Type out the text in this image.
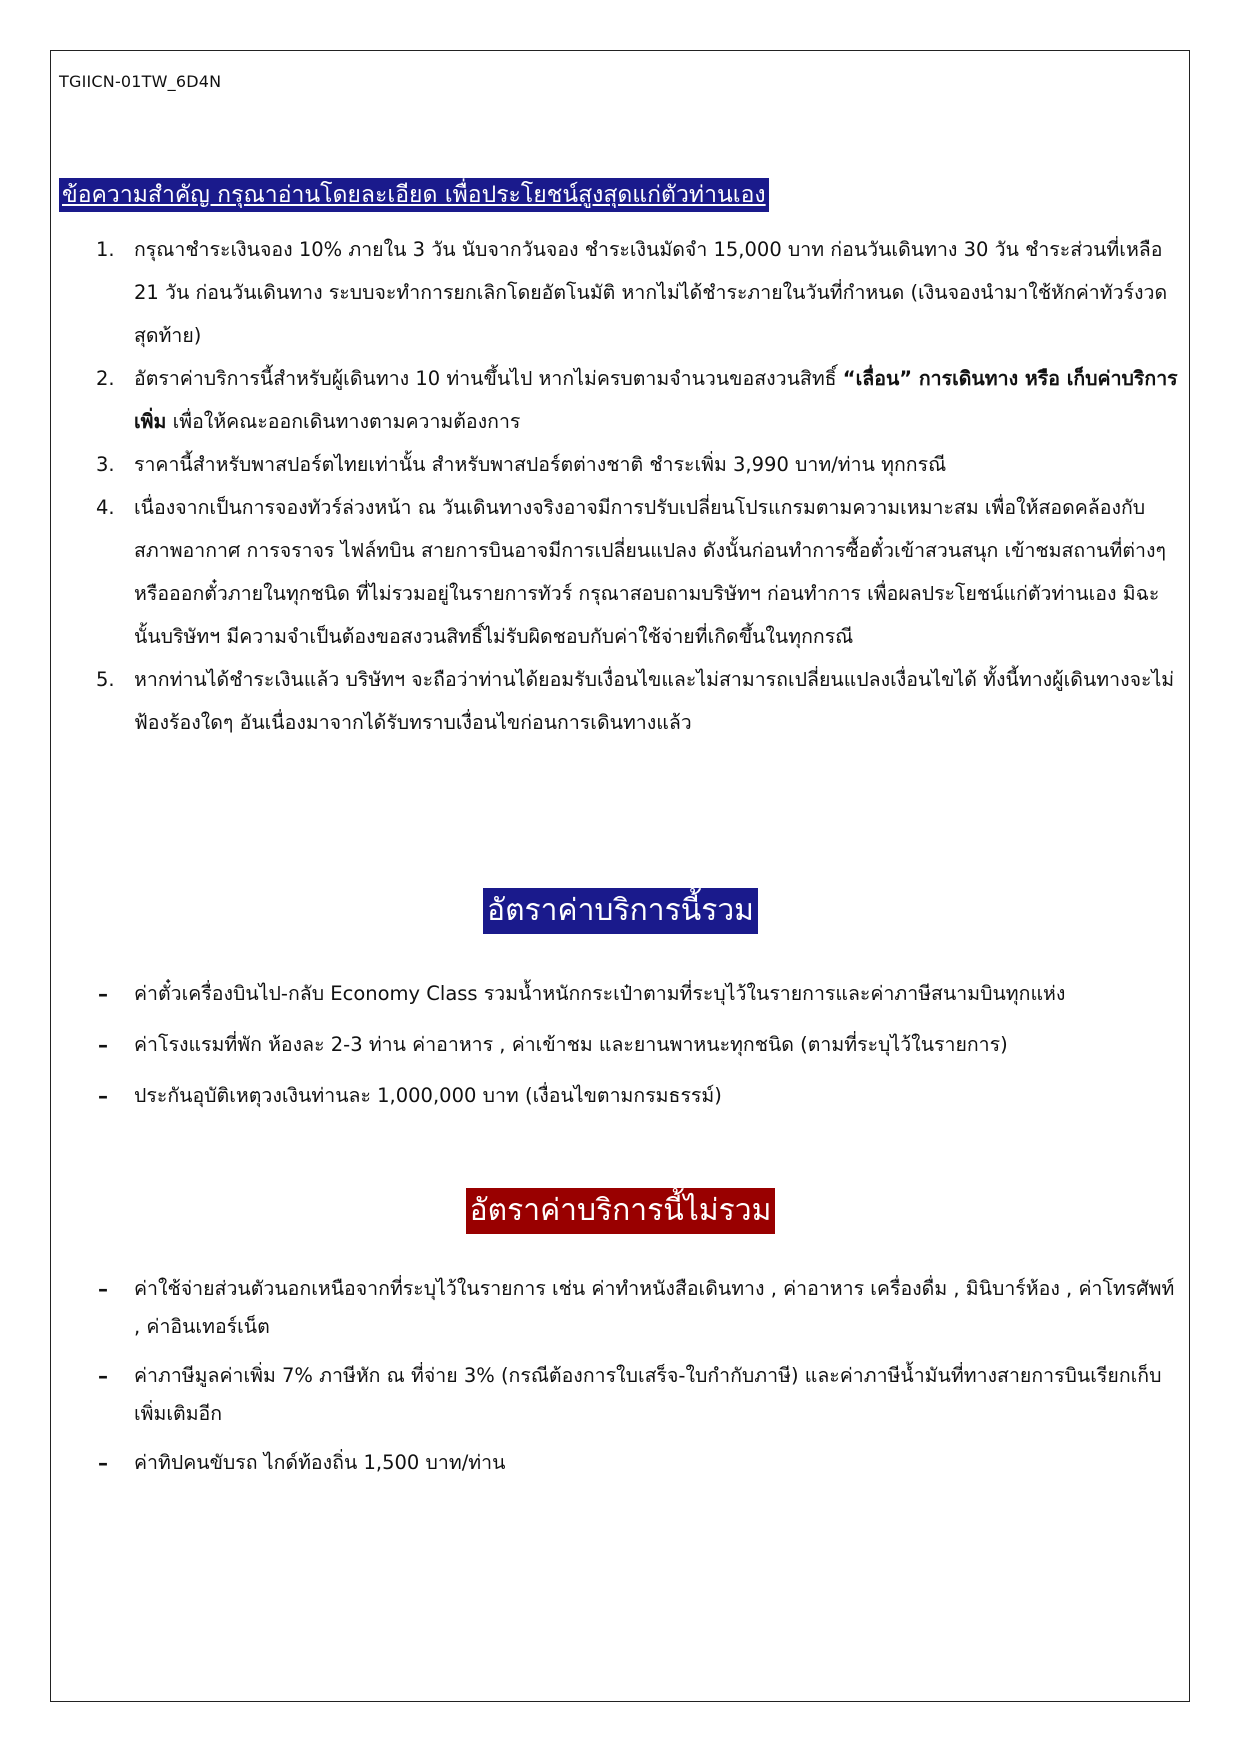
TGIICN-01TW_6D4N
ข้อความสำคัญ กรุณาอ่านโดยละเอียด เพื่อประโยชน์สูงสุดแก่ตัวท่านเอง
1. กรุณาชำระเงินจอง 10% ภายใน 3 วัน นับจากวันจอง ชำระเงินมัดจำ 15,000 บาท ก่อนวันเดินทาง 30 วัน ชำระส่วนที่เหลือ 21 วัน ก่อนวันเดินทาง ระบบจะทำการยกเลิกโดยอัตโนมัติ หากไม่ได้ชำระภายในวันที่กำหนด (เงินจองนำมาใช้หักค่าทัวร์งวดสุดท้าย)
2. อัตราค่าบริการนี้สำหรับผู้เดินทาง 10 ท่านขึ้นไป หากไม่ครบตามจำนวนขอสงวนสิทธิ์ “เลื่อน” การเดินทาง หรือ เก็บค่าบริการเพิ่ม เพื่อให้คณะออกเดินทางตามความต้องการ
3. ราคานี้สำหรับพาสปอร์ตไทยเท่านั้น สำหรับพาสปอร์ตต่างชาติ ชำระเพิ่ม 3,990 บาท/ท่าน ทุกกรณี
4. เนื่องจากเป็นการจองทัวร์ล่วงหน้า ณ วันเดินทางจริงอาจมีการปรับเปลี่ยนโปรแกรมตามความเหมาะสม เพื่อให้สอดคล้องกับสภาพอากาศ การจราจร ไฟล์ทบิน สายการบินอาจมีการเปลี่ยนแปลง ดังนั้นก่อนทำการซื้อตั๋วเข้าสวนสนุก เข้าชมสถานที่ต่างๆ หรือออกตั๋วภายในทุกชนิด ที่ไม่รวมอยู่ในรายการทัวร์ กรุณาสอบถามบริษัทฯ ก่อนทำการ เพื่อผลประโยชน์แก่ตัวท่านเอง มิฉะนั้นบริษัทฯ มีความจำเป็นต้องขอสงวนสิทธิ์ไม่รับผิดชอบกับค่าใช้จ่ายที่เกิดขึ้นในทุกกรณี
5. หากท่านได้ชำระเงินแล้ว บริษัทฯ จะถือว่าท่านได้ยอมรับเงื่อนไขและไม่สามารถเปลี่ยนแปลงเงื่อนไขได้ ทั้งนี้ทางผู้เดินทางจะไม่ฟ้องร้องใดๆ อันเนื่องมาจากได้รับทราบเงื่อนไขก่อนการเดินทางแล้ว
อัตราค่าบริการนี้รวม
– ค่าตั๋วเครื่องบินไป-กลับ Economy Class รวมน้ำหนักกระเป๋าตามที่ระบุไว้ในรายการและค่าภาษีสนามบินทุกแห่ง
– ค่าโรงแรมที่พัก ห้องละ 2-3 ท่าน ค่าอาหาร , ค่าเข้าชม และยานพาหนะทุกชนิด (ตามที่ระบุไว้ในรายการ)
– ประกันอุบัติเหตุวงเงินท่านละ 1,000,000 บาท (เงื่อนไขตามกรมธรรม์)
อัตราค่าบริการนี้ไม่รวม
– ค่าใช้จ่ายส่วนตัวนอกเหนือจากที่ระบุไว้ในรายการ เช่น ค่าทำหนังสือเดินทาง , ค่าอาหาร เครื่องดื่ม , มินิบาร์ห้อง , ค่าโทรศัพท์ , ค่าอินเทอร์เน็ต
– ค่าภาษีมูลค่าเพิ่ม 7% ภาษีหัก ณ ที่จ่าย 3% (กรณีต้องการใบเสร็จ-ใบกำกับภาษี) และค่าภาษีน้ำมันที่ทางสายการบินเรียกเก็บเพิ่มเติมอีก
– ค่าทิปคนขับรถ ไกด์ท้องถิ่น 1,500 บาท/ท่าน
